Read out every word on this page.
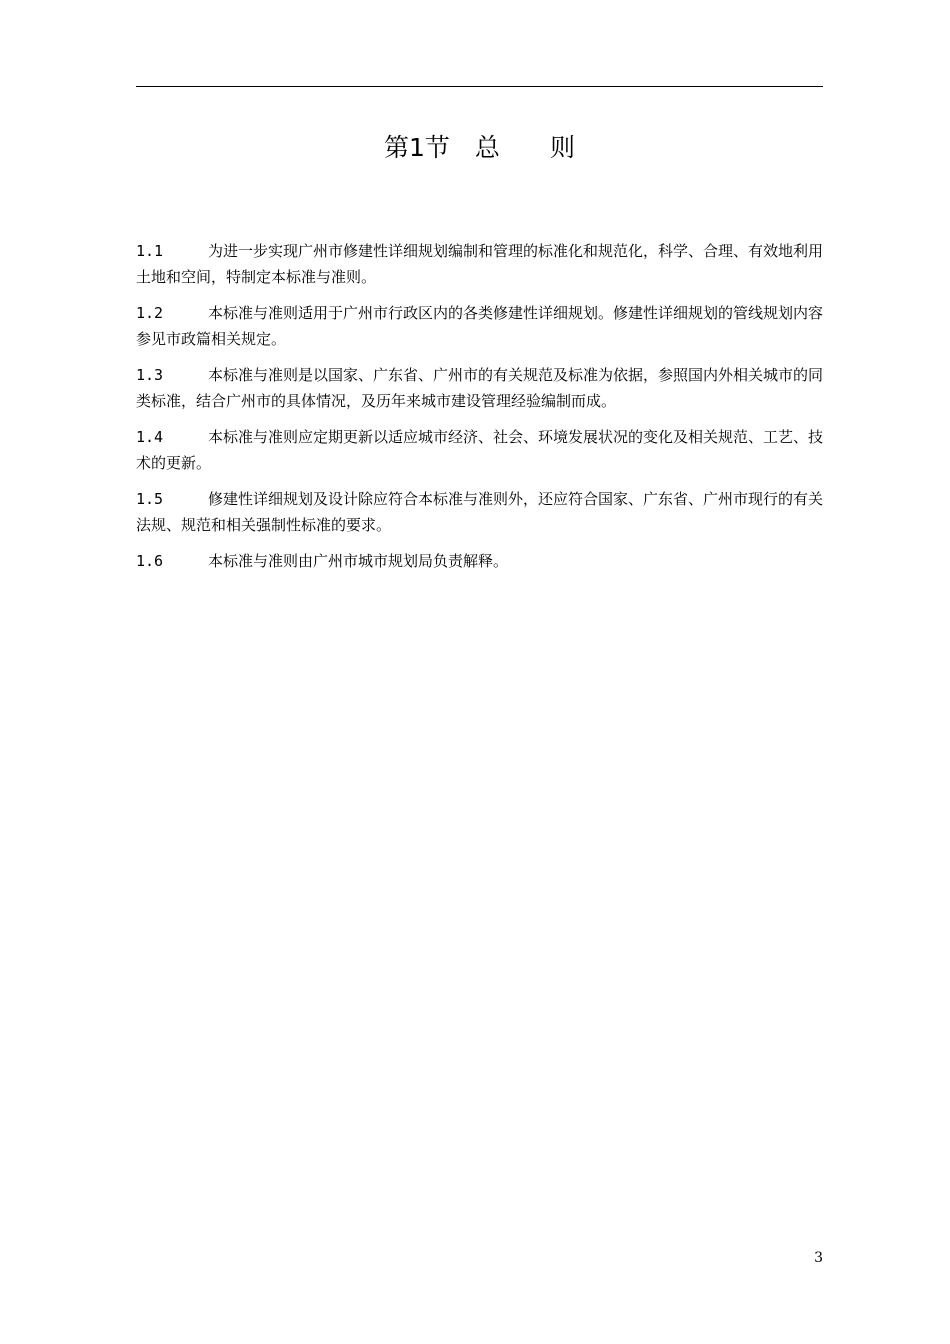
第1节　总　　则

1.1	为进一步实现广州市修建性详细规划编制和管理的标准化和规范化，科学、合理、有效地利用土地和空间，特制定本标准与准则。

1.2	本标准与准则适用于广州市行政区内的各类修建性详细规划。修建性详细规划的管线规划内容参见市政篇相关规定。

1.3	本标准与准则是以国家、广东省、广州市的有关规范及标准为依据，参照国内外相关城市的同类标准，结合广州市的具体情况，及历年来城市建设管理经验编制而成。

1.4	本标准与准则应定期更新以适应城市经济、社会、环境发展状况的变化及相关规范、工艺、技术的更新。

1.5	修建性详细规划及设计除应符合本标准与准则外，还应符合国家、广东省、广州市现行的有关法规、规范和相关强制性标准的要求。

1.6	本标准与准则由广州市城市规划局负责解释。

3
